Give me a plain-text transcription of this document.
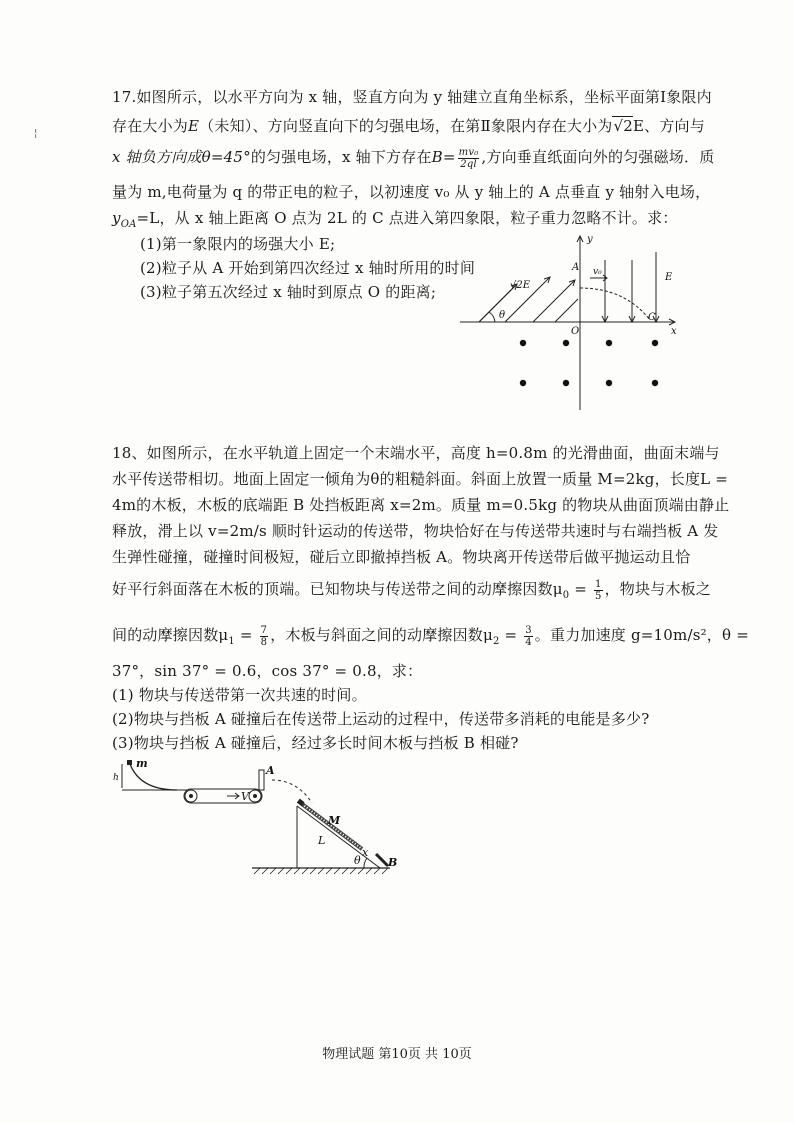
¦
17.如图所示，以水平方向为 x 轴，竖直方向为 y 轴建立直角坐标系，坐标平面第Ⅰ象限内
存在大小为E（未知）、方向竖直向下的匀强电场，在第Ⅱ象限内存在大小为√2E、方向与
x 轴负方向成θ=45°的匀强电场，x 轴下方存在$B= \frac{\text{mv₀}}{2ql}$ ,方向垂直纸面向外的匀强磁场．质
量为 m,电荷量为 q 的带正电的粒子，以初速度 v₀ 从 y 轴上的 A 点垂直 y 轴射入电场，
$y_{OA}=L$，从 x 轴上距离 O 点为 2L 的 C 点进入第四象限，粒子重力忽略不计。求：
(1)第一象限内的场强大小 E;
(2)粒子从 A 开始到第四次经过 x 轴时所用的时间
(3)粒子第五次经过 x 轴时到原点 O 的距离;
y
x
A
O
C
E
√2E
v₀
θ
18、如图所示，在水平轨道上固定一个末端水平，高度 h=0.8m 的光滑曲面，曲面末端与
水平传送带相切。地面上固定一倾角为θ的粗糙斜面。斜面上放置一质量 M=2kg，长度L =
4m的木板，木板的底端距 B 处挡板距离 x=2m。质量 m=0.5kg 的物块从曲面顶端由静止
释放，滑上以 v=2m/s 顺时针运动的传送带，物块恰好在与传送带共速时与右端挡板 A 发
生弹性碰撞，碰撞时间极短，碰后立即撤掉挡板 A。物块离开传送带后做平抛运动且恰
好平行斜面落在木板的顶端。已知物块与传送带之间的动摩擦因数$\mu_0 = \frac{1}{5}$ ，物块与木板之
间的动摩擦因数$\mu_1 = \frac{7}{8}$ ，木板与斜面之间的动摩擦因数$\mu_2 = \frac{3}{4}$ 。重力加速度 g=10m/s²，θ =
37°，sin 37° = 0.6，cos 37° = 0.8，求：
(1) 物块与传送带第一次共速的时间。
(2)物块与挡板 A 碰撞后在传送带上运动的过程中，传送带多消耗的电能是多少?
(3)物块与挡板 A 碰撞后，经过多长时间木板与挡板 B 相碰?
h
m
A
V
M
L
x
θ B
物理试题 第10页 共 10页
